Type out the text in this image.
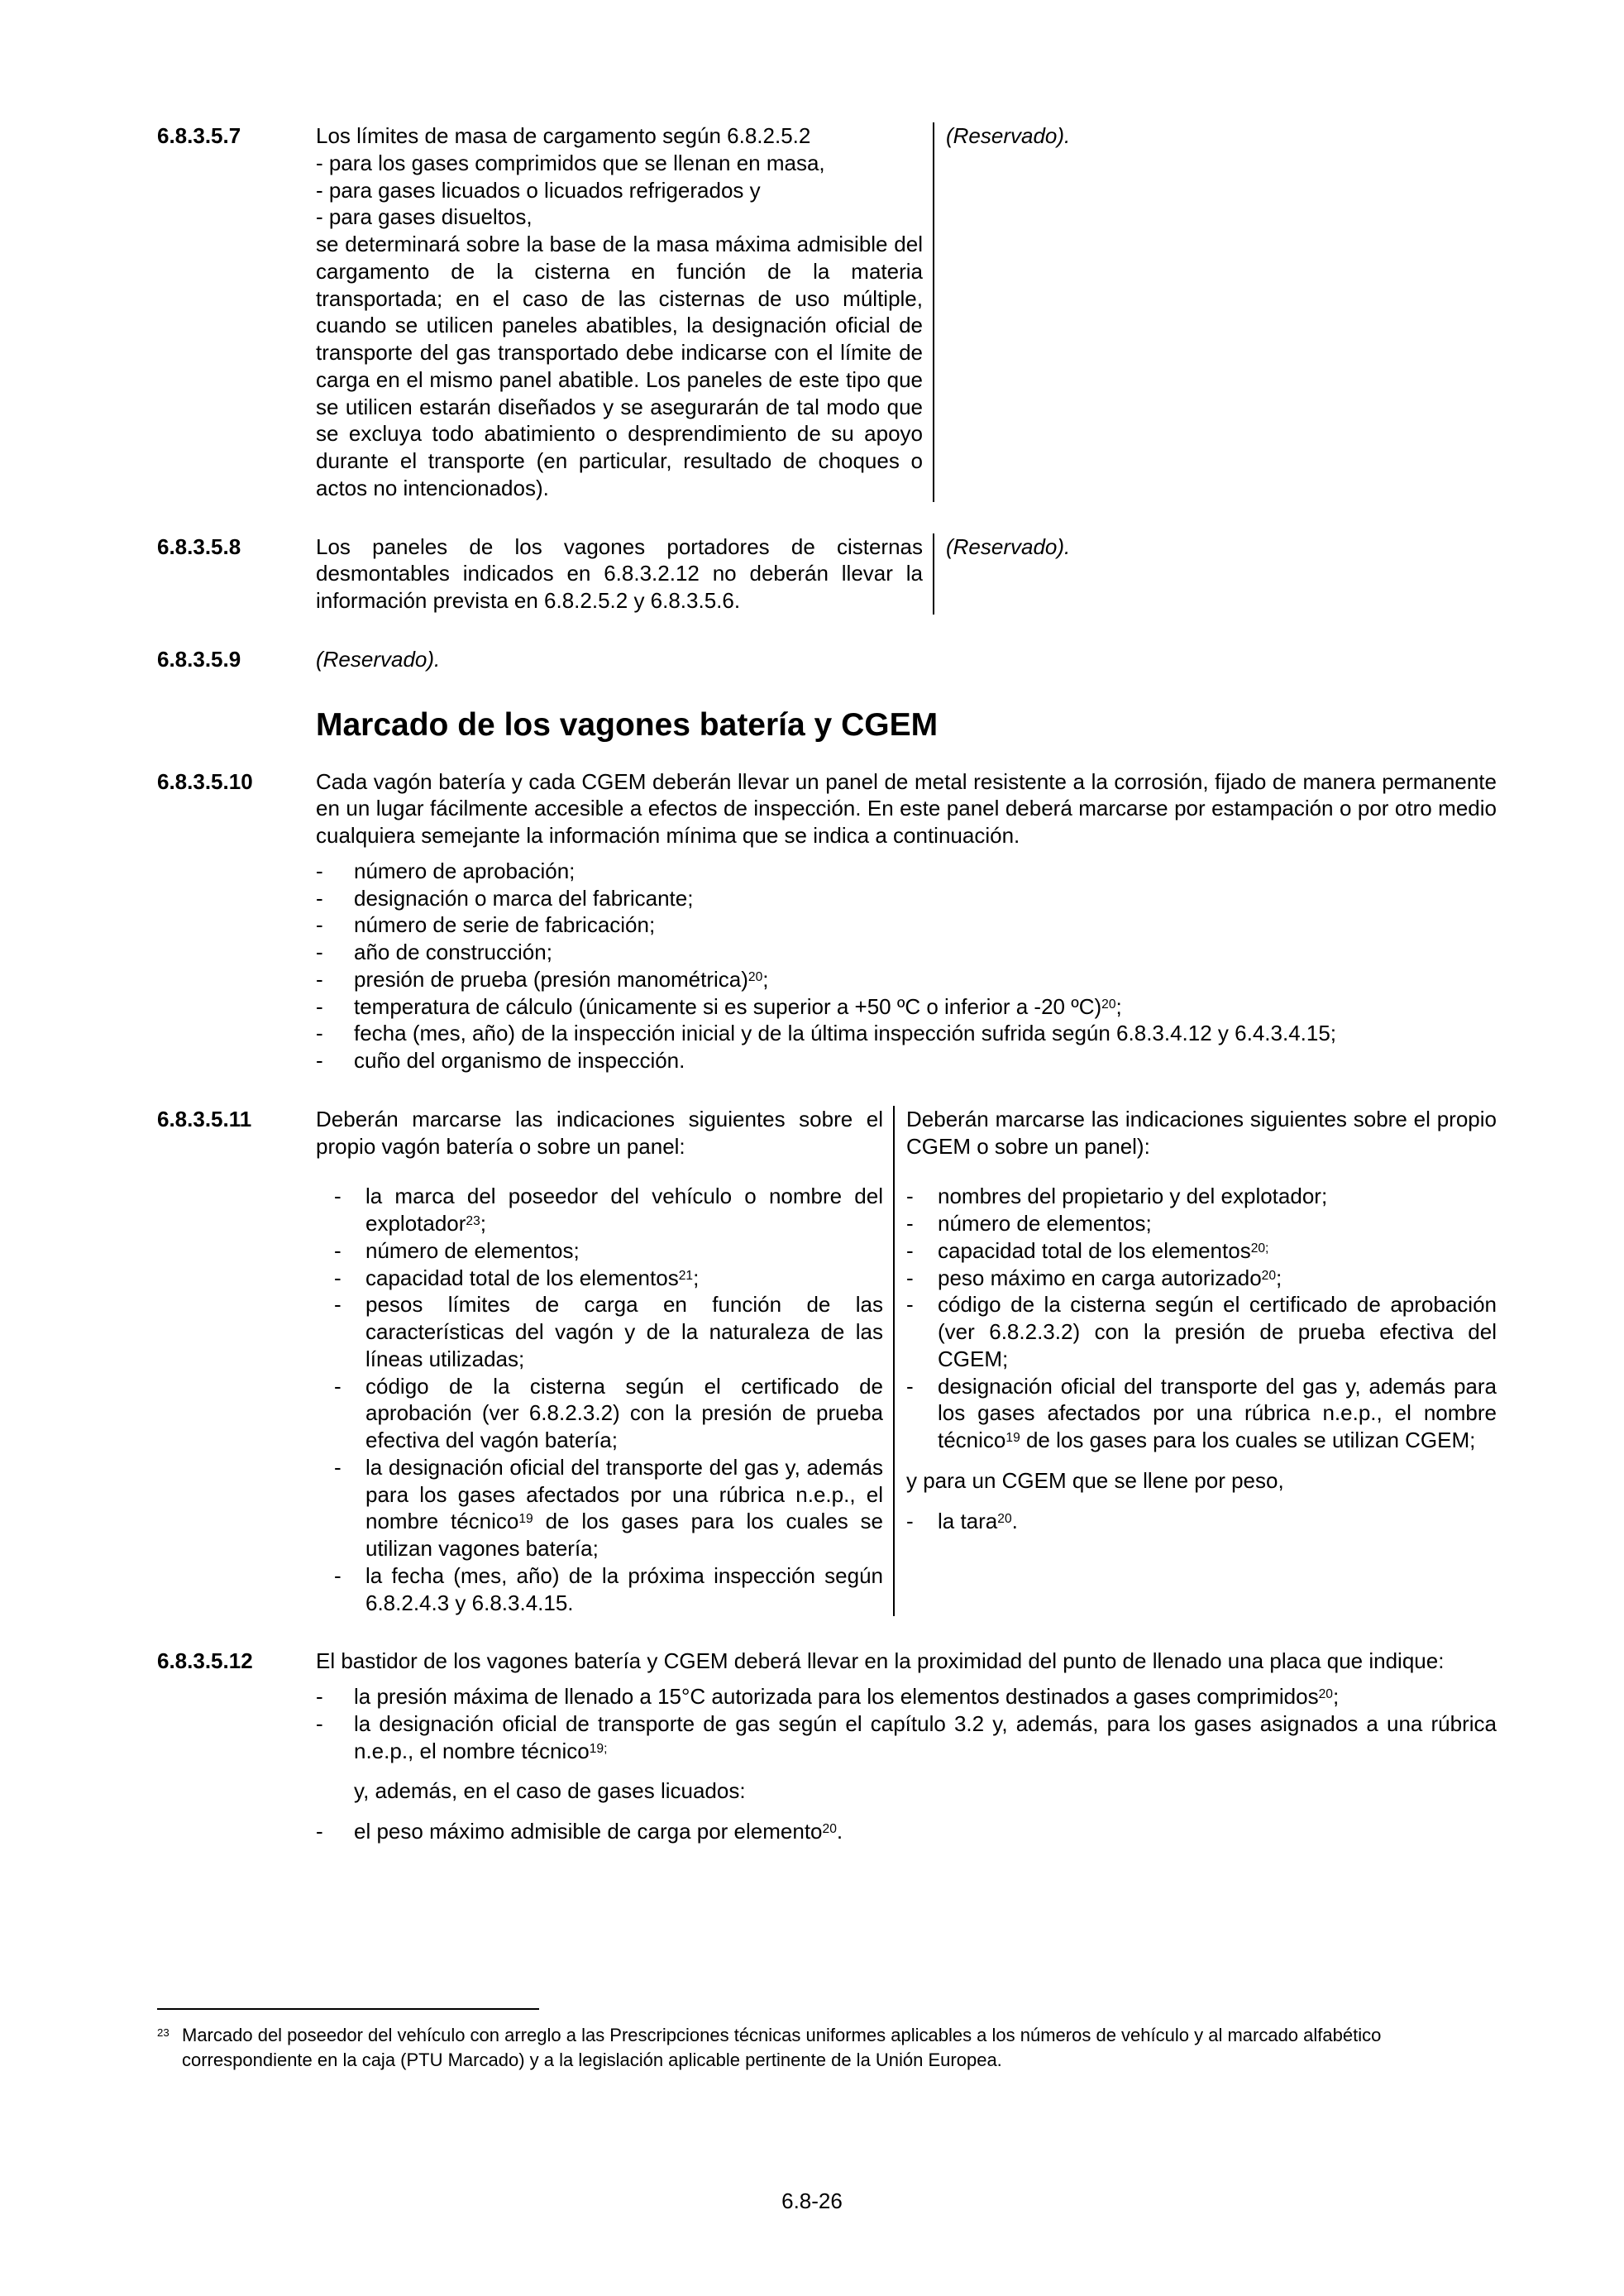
6.8.3.5.7	Los límites de masa de cargamento según 6.8.2.5.2

- para los gases comprimidos que se llenan en masa,

- para gases licuados o licuados refrigerados y

- para gases disueltos,

se determinará sobre la base de la masa máxima admisible del cargamento de la cisterna en función de la materia transportada; en el caso de las cisternas de uso múltiple, cuando se utilicen paneles abatibles, la designación oficial de transporte del gas transportado debe indicarse con el límite de carga en el mismo panel abatible. Los paneles de este tipo que se utilicen estarán diseñados y se asegurarán de tal modo que se excluya todo abatimiento o desprendimiento de su apoyo durante el transporte (en particular, resultado de choques o actos no intencionados).

(Reservado).

6.8.3.5.8	Los paneles de los vagones portadores de cisternas desmontables indicados en 6.8.3.2.12 no deberán llevar la información prevista en 6.8.2.5.2 y 6.8.3.5.6.

(Reservado).

6.8.3.5.9	(Reservado).

Marcado de los vagones batería y CGEM
6.8.3.5.10	Cada vagón batería y cada CGEM deberán llevar un panel de metal resistente a la corrosión, fijado de manera permanente en un lugar fácilmente accesible a efectos de inspección. En este panel deberá marcarse por estampación o por otro medio cualquiera semejante la información mínima que se indica a continuación.

-	número de aprobación;
-	designación o marca del fabricante;
-	número de serie de fabricación;
-	año de construcción;
-	presión de prueba (presión manométrica)$^{20}$;
-	temperatura de cálculo (únicamente si es superior a +50 ºC o inferior a -20 ºC)$^{20}$;
-	fecha (mes, año) de la inspección inicial y de la última inspección sufrida según 6.8.3.4.12 y 6.4.3.4.15;
-	cuño del organismo de inspección.
6.8.3.5.11	Deberán marcarse las indicaciones siguientes sobre el propio vagón batería o sobre un panel:

-	la marca del poseedor del vehículo o nombre del explotador$^{23}$;
-	número de elementos;
-	capacidad total de los elementos$^{21}$;
-	pesos límites de carga en función de las características del vagón y de la naturaleza de las líneas utilizadas;
-	código de la cisterna según el certificado de aprobación (ver 6.8.2.3.2) con la presión de prueba efectiva del vagón batería;
-	la designación oficial del transporte del gas y, además para los gases afectados por una rúbrica n.e.p., el nombre técnico$^{19}$ de los gases para los cuales se utilizan vagones batería;
-	la fecha (mes, año) de la próxima inspección según 6.8.2.4.3 y 6.8.3.4.15.

Deberán marcarse las indicaciones siguientes sobre el propio CGEM o sobre un panel):

-	nombres del propietario y del explotador;
-	número de elementos;
-	capacidad total de los elementos$^{20;}$
-	peso máximo en carga autorizado$^{20}$;
-	código de la cisterna según el certificado de aprobación (ver 6.8.2.3.2) con la presión de prueba efectiva del CGEM;
-	designación oficial del transporte del gas y, además para los gases afectados por una rúbrica n.e.p., el nombre técnico$^{19}$ de los gases para los cuales se utilizan CGEM;

y para un CGEM que se llene por peso,

-	la tara$^{20}$.
6.8.3.5.12	El bastidor de los vagones batería y CGEM deberá llevar en la proximidad del punto de llenado una placa que indique:

-	la presión máxima de llenado a 15°C autorizada para los elementos destinados a gases comprimidos$^{20}$;
-	la designación oficial de transporte de gas según el capítulo 3.2 y, además, para los gases asignados a una rúbrica n.e.p., el nombre técnico$^{19;}$

y, además, en el caso de gases licuados:

-	el peso máximo admisible de carga por elemento$^{20}$.
$^{23}$ Marcado del poseedor del vehículo con arreglo a las Prescripciones técnicas uniformes aplicables a los números de vehículo y al marcado alfabético correspondiente en la caja (PTU Marcado) y a la legislación aplicable pertinente de la Unión Europea.
6.8-26
